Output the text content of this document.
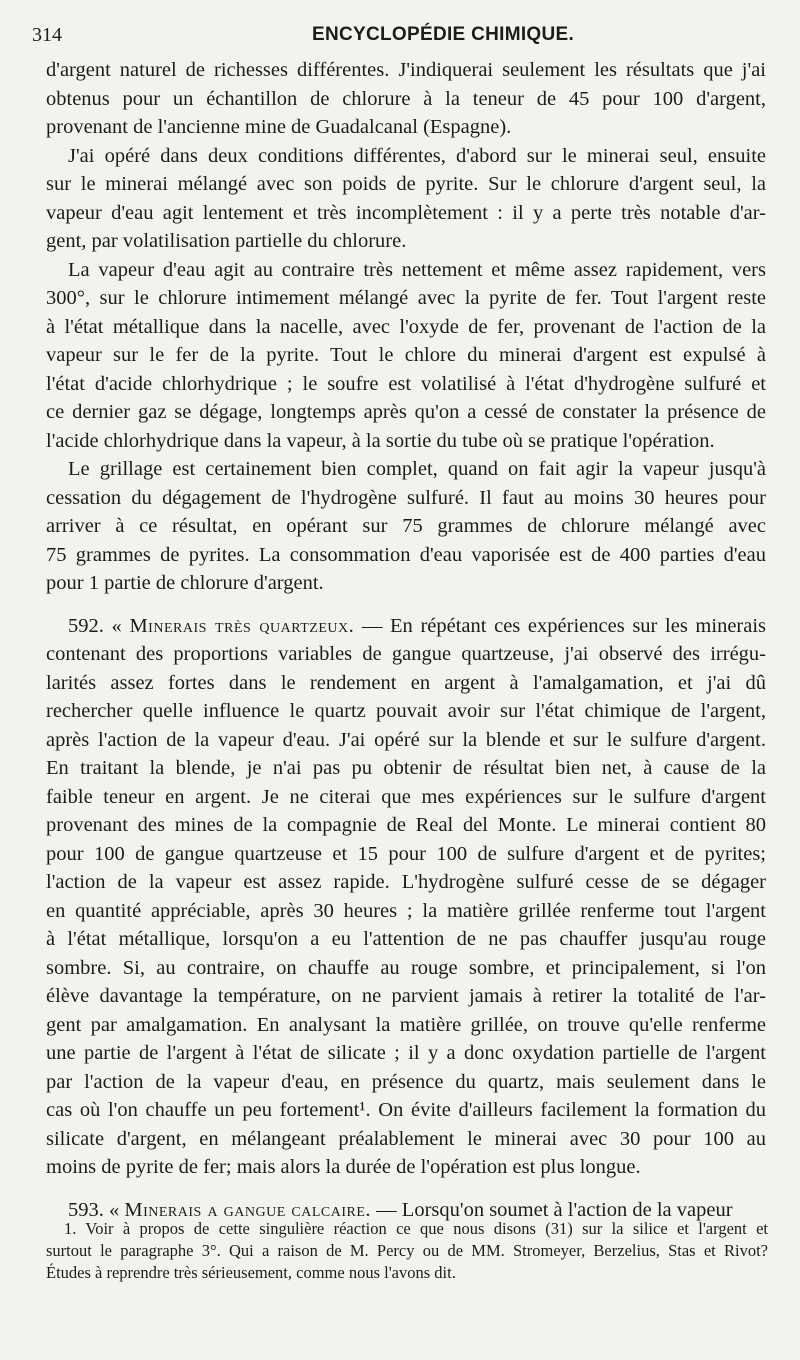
314	ENCYCLOPÉDIE CHIMIQUE.
d'argent naturel de richesses différentes. J'indiquerai seulement les résultats que j'ai
obtenus pour un échantillon de chlorure à la teneur de 45 pour 100 d'argent,
provenant de l'ancienne mine de Guadalcanal (Espagne).
J'ai opéré dans deux conditions différentes, d'abord sur le minerai seul, ensuite
sur le minerai mélangé avec son poids de pyrite. Sur le chlorure d'argent seul, la
vapeur d'eau agit lentement et très incomplètement : il y a perte très notable d'ar-
gent, par volatilisation partielle du chlorure.
La vapeur d'eau agit au contraire très nettement et même assez rapidement, vers
300°, sur le chlorure intimement mélangé avec la pyrite de fer. Tout l'argent reste
à l'état métallique dans la nacelle, avec l'oxyde de fer, provenant de l'action de la
vapeur sur le fer de la pyrite. Tout le chlore du minerai d'argent est expulsé à
l'état d'acide chlorhydrique ; le soufre est volatilisé à l'état d'hydrogène sulfuré et
ce dernier gaz se dégage, longtemps après qu'on a cessé de constater la présence de
l'acide chlorhydrique dans la vapeur, à la sortie du tube où se pratique l'opération.
Le grillage est certainement bien complet, quand on fait agir la vapeur jusqu'à
cessation du dégagement de l'hydrogène sulfuré. Il faut au moins 30 heures pour
arriver à ce résultat, en opérant sur 75 grammes de chlorure mélangé avec
75 grammes de pyrites. La consommation d'eau vaporisée est de 400 parties d'eau
pour 1 partie de chlorure d'argent.
592. « Minerais très quartzeux. — En répétant ces expériences sur les minerais
contenant des proportions variables de gangue quartzeuse, j'ai observé des irrégu-
larités assez fortes dans le rendement en argent à l'amalgamation, et j'ai dû
rechercher quelle influence le quartz pouvait avoir sur l'état chimique de l'argent,
après l'action de la vapeur d'eau. J'ai opéré sur la blende et sur le sulfure d'argent.
En traitant la blende, je n'ai pas pu obtenir de résultat bien net, à cause de la
faible teneur en argent. Je ne citerai que mes expériences sur le sulfure d'argent
provenant des mines de la compagnie de Real del Monte. Le minerai contient 80
pour 100 de gangue quartzeuse et 15 pour 100 de sulfure d'argent et de pyrites;
l'action de la vapeur est assez rapide. L'hydrogène sulfuré cesse de se dégager
en quantité appréciable, après 30 heures ; la matière grillée renferme tout l'argent
à l'état métallique, lorsqu'on a eu l'attention de ne pas chauffer jusqu'au rouge
sombre. Si, au contraire, on chauffe au rouge sombre, et principalement, si l'on
élève davantage la température, on ne parvient jamais à retirer la totalité de l'ar-
gent par amalgamation. En analysant la matière grillée, on trouve qu'elle renferme
une partie de l'argent à l'état de silicate ; il y a donc oxydation partielle de l'argent
par l'action de la vapeur d'eau, en présence du quartz, mais seulement dans le
cas où l'on chauffe un peu fortement¹. On évite d'ailleurs facilement la formation du
silicate d'argent, en mélangeant préalablement le minerai avec 30 pour 100 au
moins de pyrite de fer; mais alors la durée de l'opération est plus longue.
593. « Minerais a gangue calcaire. — Lorsqu'on soumet à l'action de la vapeur
1. Voir à propos de cette singulière réaction ce que nous disons (31) sur la silice et l'argent et
surtout le paragraphe 3°. Qui a raison de M. Percy ou de MM. Stromeyer, Berzelius, Stas et Rivot?
Études à reprendre très sérieusement, comme nous l'avons dit.
